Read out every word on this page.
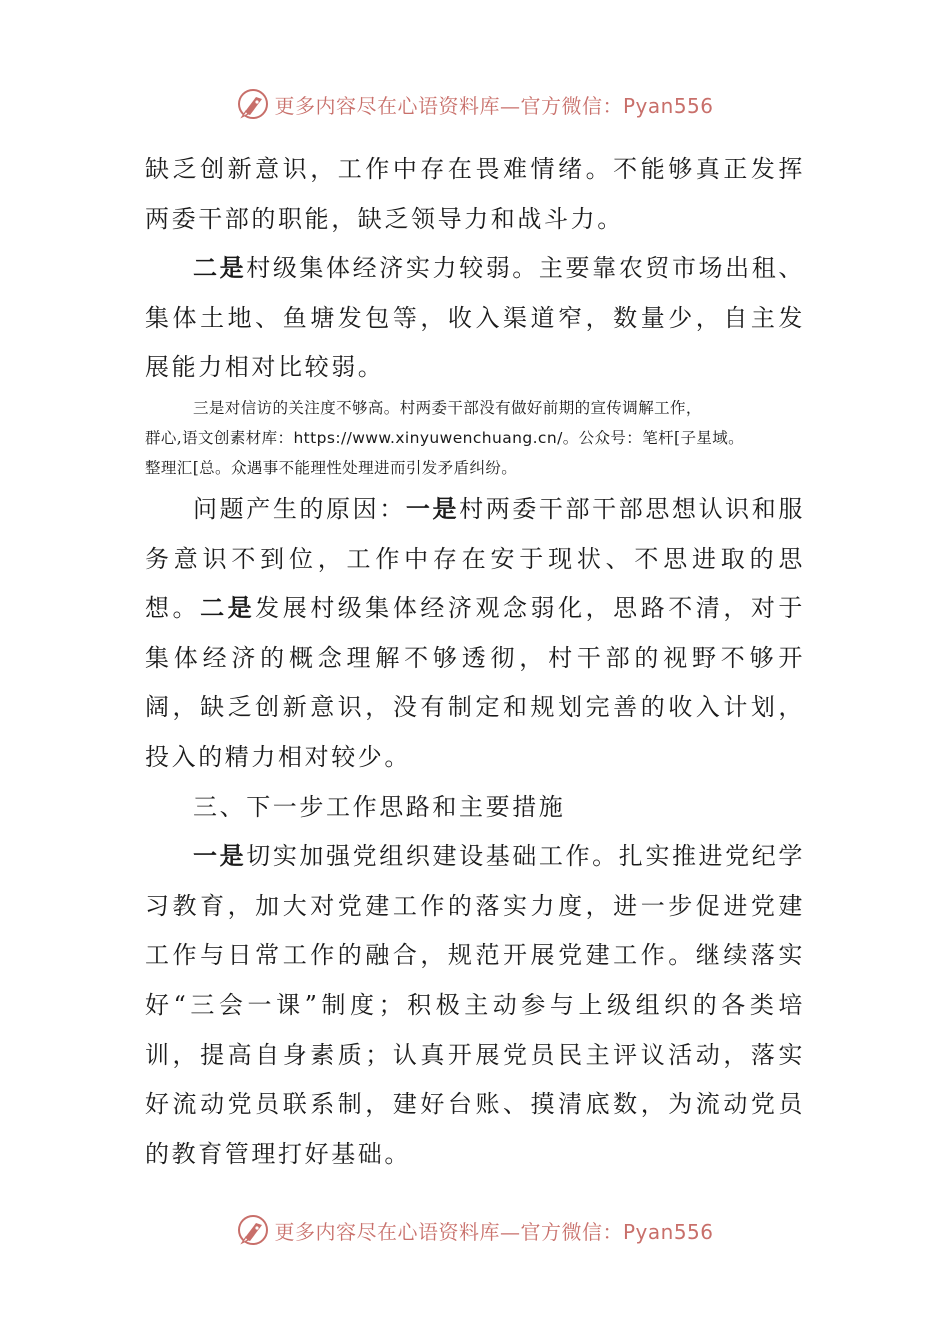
更多内容尽在心语资料库—官方微信：Pyan556

缺乏创新意识，工作中存在畏难情绪。不能够真正发挥两委干部的职能，缺乏领导力和战斗力。

二是村级集体经济实力较弱。主要靠农贸市场出租、集体土地、鱼塘发包等，收入渠道窄，数量少，自主发展能力相对比较弱。

三是对信访的关注度不够高。村两委干部没有做好前期的宣传调解工作，

群心,语文创素材库：https://www.xinyuwenchuang.cn/。公众号：笔杆[子星域。

整理汇[总。众遇事不能理性处理进而引发矛盾纠纷。

问题产生的原因：一是村两委干部干部思想认识和服务意识不到位，工作中存在安于现状、不思进取的思想。二是发展村级集体经济观念弱化，思路不清，对于集体经济的概念理解不够透彻，村干部的视野不够开阔，缺乏创新意识，没有制定和规划完善的收入计划，投入的精力相对较少。

三、下一步工作思路和主要措施

一是切实加强党组织建设基础工作。扎实推进党纪学习教育，加大对党建工作的落实力度，进一步促进党建工作与日常工作的融合，规范开展党建工作。继续落实好“三会一课”制度；积极主动参与上级组织的各类培训，提高自身素质；认真开展党员民主评议活动，落实好流动党员联系制，建好台账、摸清底数，为流动党员的教育管理打好基础。

更多内容尽在心语资料库—官方微信：Pyan556
